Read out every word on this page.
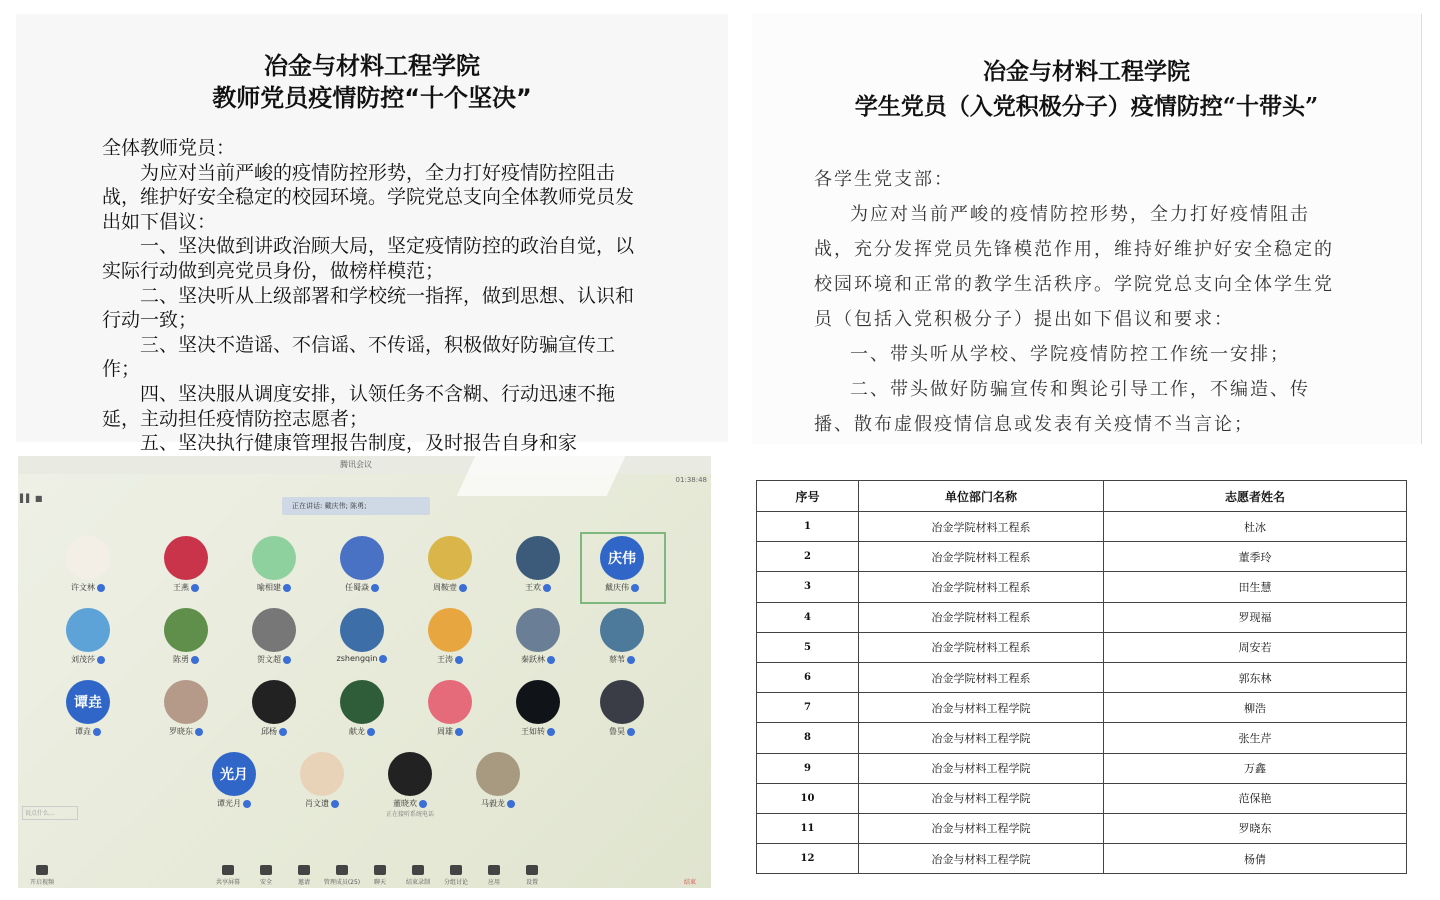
冶金与材料工程学院
教师党员疫情防控“十个坚决”

全体教师党员：

为应对当前严峻的疫情防控形势，全力打好疫情防控阻击战，维护好安全稳定的校园环境。学院党总支向全体教师党员发出如下倡议：

一、坚决做到讲政治顾大局，坚定疫情防控的政治自觉，以实际行动做到亮党员身份，做榜样模范；

二、坚决听从上级部署和学校统一指挥，做到思想、认识和行动一致；

三、坚决不造谣、不信谣、不传谣，积极做好防骗宣传工作；

四、坚决服从调度安排，认领任务不含糊、行动迅速不拖延，主动担任疫情防控志愿者；

五、坚决执行健康管理报告制度，及时报告自身和家

冶金与材料工程学院
学生党员（入党积极分子）疫情防控“十带头”

各学生党支部：

为应对当前严峻的疫情防控形势，全力打好疫情阻击战，充分发挥党员先锋模范作用，维持好维护好安全稳定的校园环境和正常的教学生活秩序。学院党总支向全体学生党员（包括入党积极分子）提出如下倡议和要求：

一、带头听从学校、学院疫情防控工作统一安排；

二、带头做好防骗宣传和舆论引导工作，不编造、传播、散布虚假疫情信息或发表有关疫情不当言论；

腾讯会议
01:38:48
▌▌ ■
正在讲话: 戴庆伟; 陈勇;
许文林	王燕	喻相建	任蜀焱	周鞍壹	王欢
庆伟
戴庆伟
刘茂莎	陈勇	贺文超	zshengqin	王涛	秦跃林	蔡苇
谭垚
谭垚	罗晓东	邱杨	献龙	周雄	王如转	鲁昊
光月
谭光月	肖文遗	董晓欢
正在接听系统电话
马毅龙
说点什么...
开启视频	结束
共享屏幕	安全	邀请	管理成员(25)	聊天	结束录制	分组讨论	应用	设置
序号	单位部门名称	志愿者姓名
1	冶金学院材料工程系	杜冰
2	冶金学院材料工程系	董季玲
3	冶金学院材料工程系	田生慧
4	冶金学院材料工程系	罗现福
5	冶金学院材料工程系	周安若
6	冶金学院材料工程系	郭东林
7	冶金与材料工程学院	柳浩
8	冶金与材料工程学院	张生芹
9	冶金与材料工程学院	万鑫
10	冶金与材料工程学院	范保艳
11	冶金与材料工程学院	罗晓东
12	冶金与材料工程学院	杨倩
